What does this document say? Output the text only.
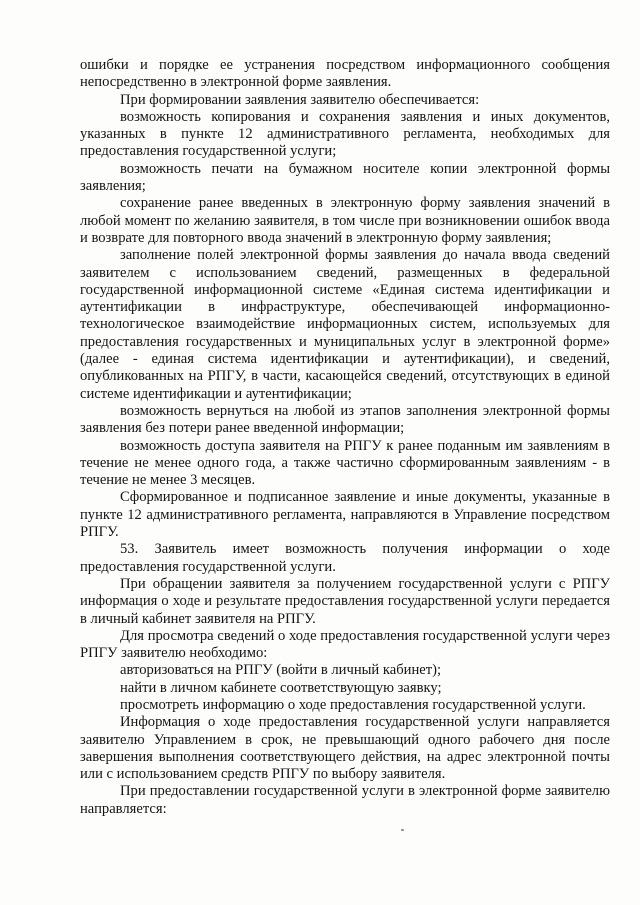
ошибки и порядке ее устранения посредством информационного сообщения непосредственно в электронной форме заявления.

При формировании заявления заявителю обеспечивается:

возможность копирования и сохранения заявления и иных документов, указанных в пункте 12 административного регламента, необходимых для предоставления государственной услуги;

возможность печати на бумажном носителе копии электронной формы заявления;

сохранение ранее введенных в электронную форму заявления значений в любой момент по желанию заявителя, в том числе при возникновении ошибок ввода и возврате для повторного ввода значений в электронную форму заявления;

заполнение полей электронной формы заявления до начала ввода сведений заявителем с использованием сведений, размещенных в федеральной государственной информационной системе «Единая система идентификации и аутентификации в инфраструктуре, обеспечивающей информационно-технологическое взаимодействие информационных систем, используемых для предоставления государственных и муниципальных услуг в электронной форме» (далее - единая система идентификации и аутентификации), и сведений, опубликованных на РПГУ, в части, касающейся сведений, отсутствующих в единой системе идентификации и аутентификации;

возможность вернуться на любой из этапов заполнения электронной формы заявления без потери ранее введенной информации;

возможность доступа заявителя на РПГУ к ранее поданным им заявлениям в течение не менее одного года, а также частично сформированным заявлениям - в течение не менее 3 месяцев.

Сформированное и подписанное заявление и иные документы, указанные в пункте 12 административного регламента, направляются в Управление посредством РПГУ.

53. Заявитель имеет возможность получения информации о ходе предоставления государственной услуги.

При обращении заявителя за получением государственной услуги с РПГУ информация о ходе и результате предоставления государственной услуги передается в личный кабинет заявителя на РПГУ.

Для просмотра сведений о ходе предоставления государственной услуги через РПГУ заявителю необходимо:

авторизоваться на РПГУ (войти в личный кабинет);

найти в личном кабинете соответствующую заявку;

просмотреть информацию о ходе предоставления государственной услуги.

Информация о ходе предоставления государственной услуги направляется заявителю Управлением в срок, не превышающий одного рабочего дня после завершения выполнения соответствующего действия, на адрес электронной почты или с использованием средств РПГУ по выбору заявителя.

При предоставлении государственной услуги в электронной форме заявителю направляется:
